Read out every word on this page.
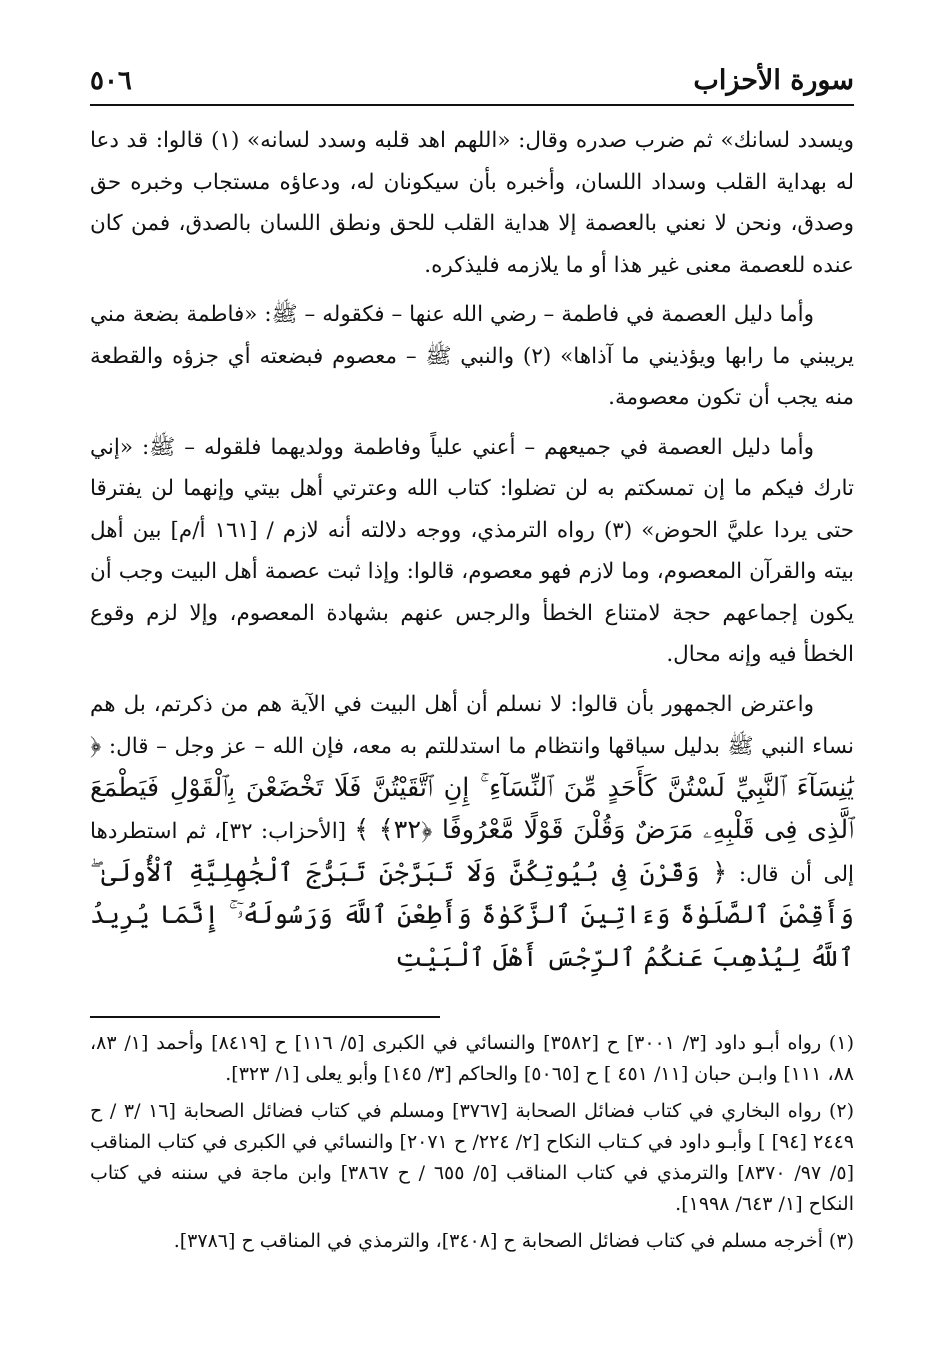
سورة الأحزاب
٥٠٦

ويسدد لسانك» ثم ضرب صدره وقال: «اللهم اهد قلبه وسدد لسانه» (١) قالوا: قد دعا له بهداية القلب وسداد اللسان، وأخبره بأن سيكونان له، ودعاؤه مستجاب وخبره حق وصدق، ونحن لا نعني بالعصمة إلا هداية القلب للحق ونطق اللسان بالصدق، فمن كان عنده للعصمة معنى غير هذا أو ما يلازمه فليذكره.

وأما دليل العصمة في فاطمة – رضي الله عنها – فكقوله – ﷺ: «فاطمة بضعة مني يريبني ما رابها ويؤذيني ما آذاها» (٢) والنبي ﷺ – معصوم فبضعته أي جزؤه والقطعة منه يجب أن تكون معصومة.

وأما دليل العصمة في جميعهم – أعني علياً وفاطمة وولديهما فلقوله – ﷺ: «إني تارك فيكم ما إن تمسكتم به لن تضلوا: كتاب الله وعترتي أهل بيتي وإنهما لن يفترقا حتى يردا عليَّ الحوض» (٣) رواه الترمذي، ووجه دلالته أنه لازم / [١٦١ أ/م] بين أهل بيته والقرآن المعصوم، وما لازم فهو معصوم، قالوا: وإذا ثبت عصمة أهل البيت وجب أن يكون إجماعهم حجة لامتناع الخطأ والرجس عنهم بشهادة المعصوم، وإلا لزم وقوع الخطأ فيه وإنه محال.

واعترض الجمهور بأن قالوا: لا نسلم أن أهل البيت في الآية هم من ذكرتم، بل هم نساء النبي ﷺ بدليل سياقها وانتظام ما استدللتم به معه، فإن الله – عز وجل – قال: ﴿ يَٰنِسَآءَ ٱلنَّبِيِّ لَسْتُنَّ كَأَحَدٍ مِّنَ ٱلنِّسَآءِ ۚ إِنِ ٱتَّقَيْتُنَّ فَلَا تَخْضَعْنَ بِٱلْقَوْلِ فَيَطْمَعَ ٱلَّذِى فِى قَلْبِهِۦ مَرَضٌ وَقُلْنَ قَوْلًا مَّعْرُوفًا ﴿٣٢﴾ ﴾ [الأحزاب: ٣٢]، ثم استطردها إلى أن قال: ﴿ وَقَرْنَ فِى بُيُوتِكُنَّ وَلَا تَبَرَّجْنَ تَبَرُّجَ ٱلْجَٰهِلِيَّةِ ٱلْأُولَىٰ ۖ وَأَقِمْنَ ٱلصَّلَوٰةَ وَءَاتِينَ ٱلزَّكَوٰةَ وَأَطِعْنَ ٱللَّهَ وَرَسُولَهُۥٓ ۚ إِنَّمَا يُرِيدُ ٱللَّهُ لِيُذْهِبَ عَنكُمُ ٱلرِّجْسَ أَهْلَ ٱلْبَيْتِ

(١) رواه أبـو داود [٣/ ٣٠٠١] ح [٣٥٨٢] والنسائي في الكبرى [٥/ ١١٦] ح [٨٤١٩] وأحمد [١/ ٨٣، ٨٨، ١١١] وابـن حبان [١١/ ٤٥١ ] ح [٥٠٦٥] والحاكم [٣/ ١٤٥] وأبو يعلى [١/ ٣٢٣].

(٢) رواه البخاري في كتاب فضائل الصحابة [٣٧٦٧] ومسلم في كتاب فضائل الصحابة [١٦ /٣ / ح ٢٤٤٩ [٩٤] ] وأبـو داود في كـتاب النكاح [٢/ ٢٢٤/ ح ٢٠٧١] والنسائي في الكبرى في كتاب المناقب [٥/ ٩٧/ ٨٣٧٠] والترمذي في كتاب المناقب [٥/ ٦٥٥ / ح ٣٨٦٧] وابن ماجة في سننه في كتاب النكاح [١/ ٦٤٣/ ١٩٩٨].

(٣) أخرجه مسلم في كتاب فضائل الصحابة ح [٣٤٠٨]، والترمذي في المناقب ح [٣٧٨٦].
